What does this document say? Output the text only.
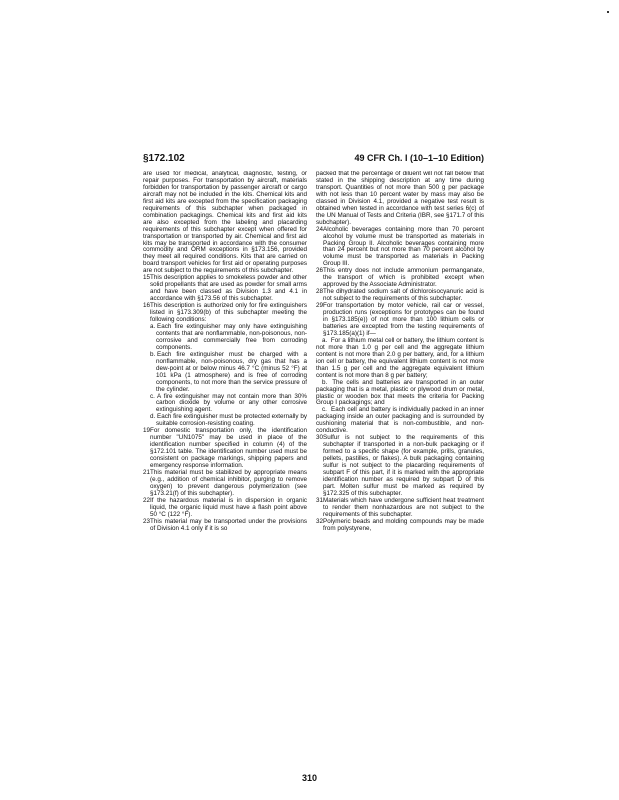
§172.102	49 CFR Ch. I (10–1–10 Edition)

are used for medical, analytical, diagnostic, testing, or repair purposes. For transportation by aircraft, materials forbidden for transportation by passenger aircraft or cargo aircraft may not be included in the kits. Chemical kits and first aid kits are excepted from the specification packaging requirements of this subchapter when packaged in combination packagings. Chemical kits and first aid kits are also excepted from the labeling and placarding requirements of this subchapter except when offered for transportation or transported by air. Chemical and first aid kits may be transported in accordance with the consumer commodity and ORM exceptions in §173.156, provided they meet all required conditions. Kits that are carried on board transport vehicles for first aid or operating purposes are not subject to the requirements of this subchapter.

15This description applies to smokeless powder and other solid propellants that are used as powder for small arms and have been classed as Division 1.3 and 4.1 in accordance with §173.56 of this subchapter.

16This description is authorized only for fire extinguishers listed in §173.309(b) of this subchapter meeting the following conditions:

a. Each fire extinguisher may only have extinguishing contents that are nonflammable, non-poisonous, non-corrosive and commercially free from corroding components.

b. Each fire extinguisher must be charged with a nonflammable, non-poisonous, dry gas that has a dew-point at or below minus 46.7 °C (minus 52 °F) at 101 kPa (1 atmosphere) and is free of corroding components, to not more than the service pressure of the cylinder.

c. A fire extinguisher may not contain more than 30% carbon dioxide by volume or any other corrosive extinguishing agent.

d. Each fire extinguisher must be protected externally by suitable corrosion-resisting coating.

19For domestic transportation only, the identification number "UN1075" may be used in place of the identification number specified in column (4) of the §172.101 table. The identification number used must be consistent on package markings, shipping papers and emergency response information.

21This material must be stabilized by appropriate means (e.g., addition of chemical inhibitor, purging to remove oxygen) to prevent dangerous polymerization (see §173.21(f) of this subchapter).

22If the hazardous material is in dispersion in organic liquid, the organic liquid must have a flash point above 50 °C (122 °F).

23This material may be transported under the provisions of Division 4.1 only if it is so

packed that the percentage of diluent will not fall below that stated in the shipping description at any time during transport. Quantities of not more than 500 g per package with not less than 10 percent water by mass may also be classed in Division 4.1, provided a negative test result is obtained when tested in accordance with test series 6(c) of the UN Manual of Tests and Criteria (IBR, see §171.7 of this subchapter).

24Alcoholic beverages containing more than 70 percent alcohol by volume must be transported as materials in Packing Group II. Alcoholic beverages containing more than 24 percent but not more than 70 percent alcohol by volume must be transported as materials in Packing Group III.

26This entry does not include ammonium permanganate, the transport of which is prohibited except when approved by the Associate Administrator.

28The dihydrated sodium salt of dichloroisocyanuric acid is not subject to the requirements of this subchapter.

29For transportation by motor vehicle, rail car or vessel, production runs (exceptions for prototypes can be found in §173.185(e)) of not more than 100 lithium cells or batteries are excepted from the testing requirements of §173.185(a)(1) if—

a. For a lithium metal cell or battery, the lithium content is not more than 1.0 g per cell and the aggregate lithium content is not more than 2.0 g per battery, and, for a lithium ion cell or battery, the equivalent lithium content is not more than 1.5 g per cell and the aggregate equivalent lithium content is not more than 8 g per battery;

b. The cells and batteries are transported in an outer packaging that is a metal, plastic or plywood drum or metal, plastic or wooden box that meets the criteria for Packing Group I packagings; and

c. Each cell and battery is individually packed in an inner packaging inside an outer packaging and is surrounded by cushioning material that is non-combustible, and non-conductive.

30Sulfur is not subject to the requirements of this subchapter if transported in a non-bulk packaging or if formed to a specific shape (for example, prills, granules, pellets, pastilles, or flakes). A bulk packaging containing sulfur is not subject to the placarding requirements of subpart F of this part, if it is marked with the appropriate identification number as required by subpart D of this part. Molten sulfur must be marked as required by §172.325 of this subchapter.

31Materials which have undergone sufficient heat treatment to render them nonhazardous are not subject to the requirements of this subchapter.

32Polymeric beads and molding compounds may be made from polystyrene,

310
